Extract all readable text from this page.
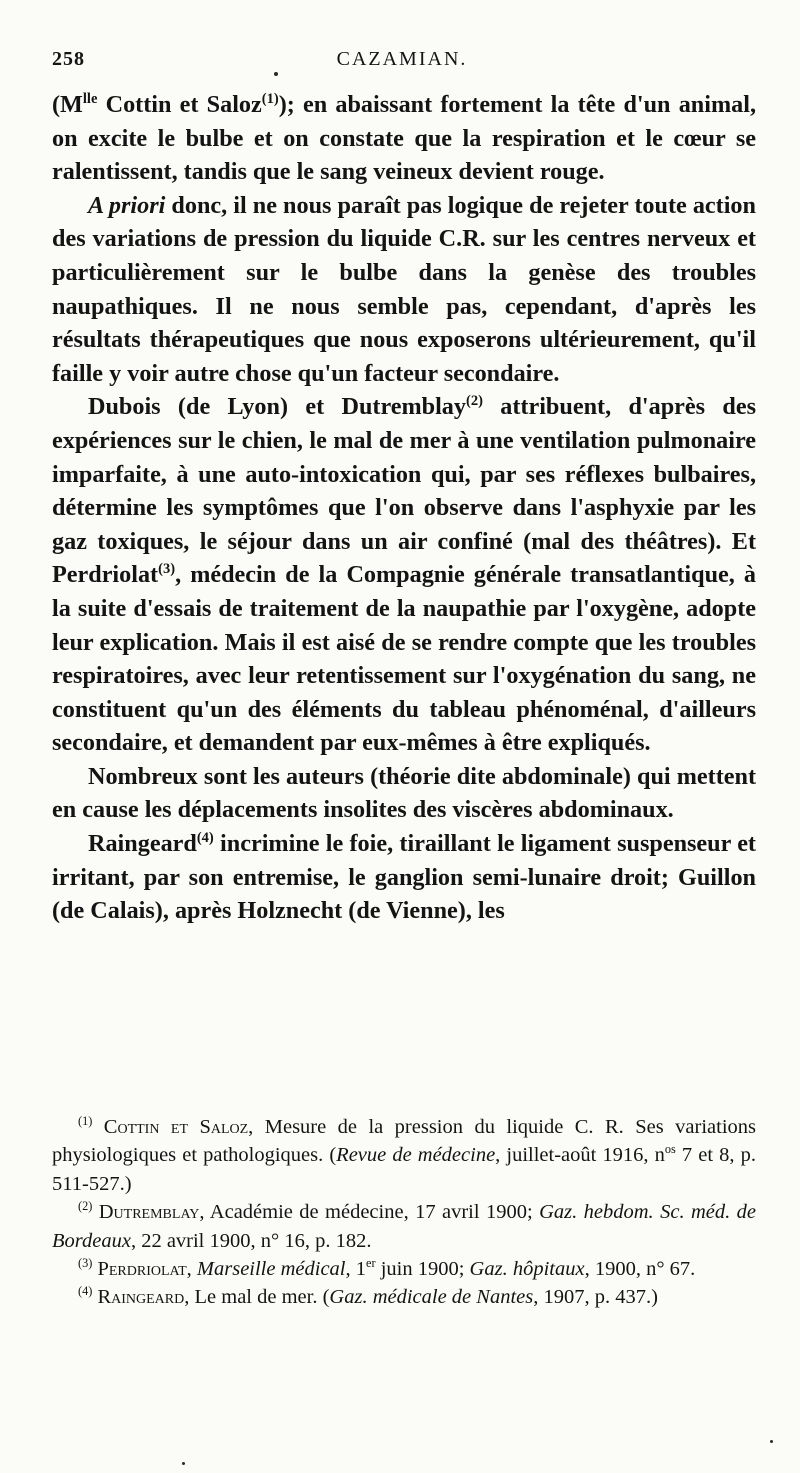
258	CAZAMIAN.

($M^{lle}$ Cottin et Saloz$^{(1)}$); en abaissant fortement la tête d'un animal, on excite le bulbe et on constate que la respiration et le cœur se ralentissent, tandis que le sang veineux devient rouge.

A priori donc, il ne nous paraît pas logique de rejeter toute action des variations de pression du liquide C.R. sur les centres nerveux et particulièrement sur le bulbe dans la genèse des troubles naupathiques. Il ne nous semble pas, cependant, d'après les résultats thérapeutiques que nous exposerons ultérieurement, qu'il faille y voir autre chose qu'un facteur secondaire.

Dubois (de Lyon) et Dutremblay$^{(2)}$ attribuent, d'après des expériences sur le chien, le mal de mer à une ventilation pulmonaire imparfaite, à une auto-intoxication qui, par ses réflexes bulbaires, détermine les symptômes que l'on observe dans l'asphyxie par les gaz toxiques, le séjour dans un air confiné (mal des théâtres). Et Perdriolat$^{(3)}$, médecin de la Compagnie générale transatlantique, à la suite d'essais de traitement de la naupathie par l'oxygène, adopte leur explication. Mais il est aisé de se rendre compte que les troubles respiratoires, avec leur retentissement sur l'oxygénation du sang, ne constituent qu'un des éléments du tableau phénoménal, d'ailleurs secondaire, et demandent par eux-mêmes à être expliqués.

Nombreux sont les auteurs (théorie dite abdominale) qui mettent en cause les déplacements insolites des viscères abdominaux.

Raingeard$^{(4)}$ incrimine le foie, tiraillant le ligament suspenseur et irritant, par son entremise, le ganglion semi-lunaire droit; Guillon (de Calais), après Holznecht (de Vienne), les

$^{(1)}$ Cottin et Saloz, Mesure de la pression du liquide C. R. Ses variations physiologiques et pathologiques. (Revue de médecine, juillet-août 1916, $n^{os}$ 7 et 8, p. 511-527.)

$^{(2)}$ Dutremblay, Académie de médecine, 17 avril 1900; Gaz. hebdom. Sc. méd. de Bordeaux, 22 avril 1900, n° 16, p. 182.

$^{(3)}$ Perdriolat, Marseille médical, 1er juin 1900; Gaz. hôpitaux, 1900, n° 67.

$^{(4)}$ Raingeard, Le mal de mer. (Gaz. médicale de Nantes, 1907, p. 437.)
